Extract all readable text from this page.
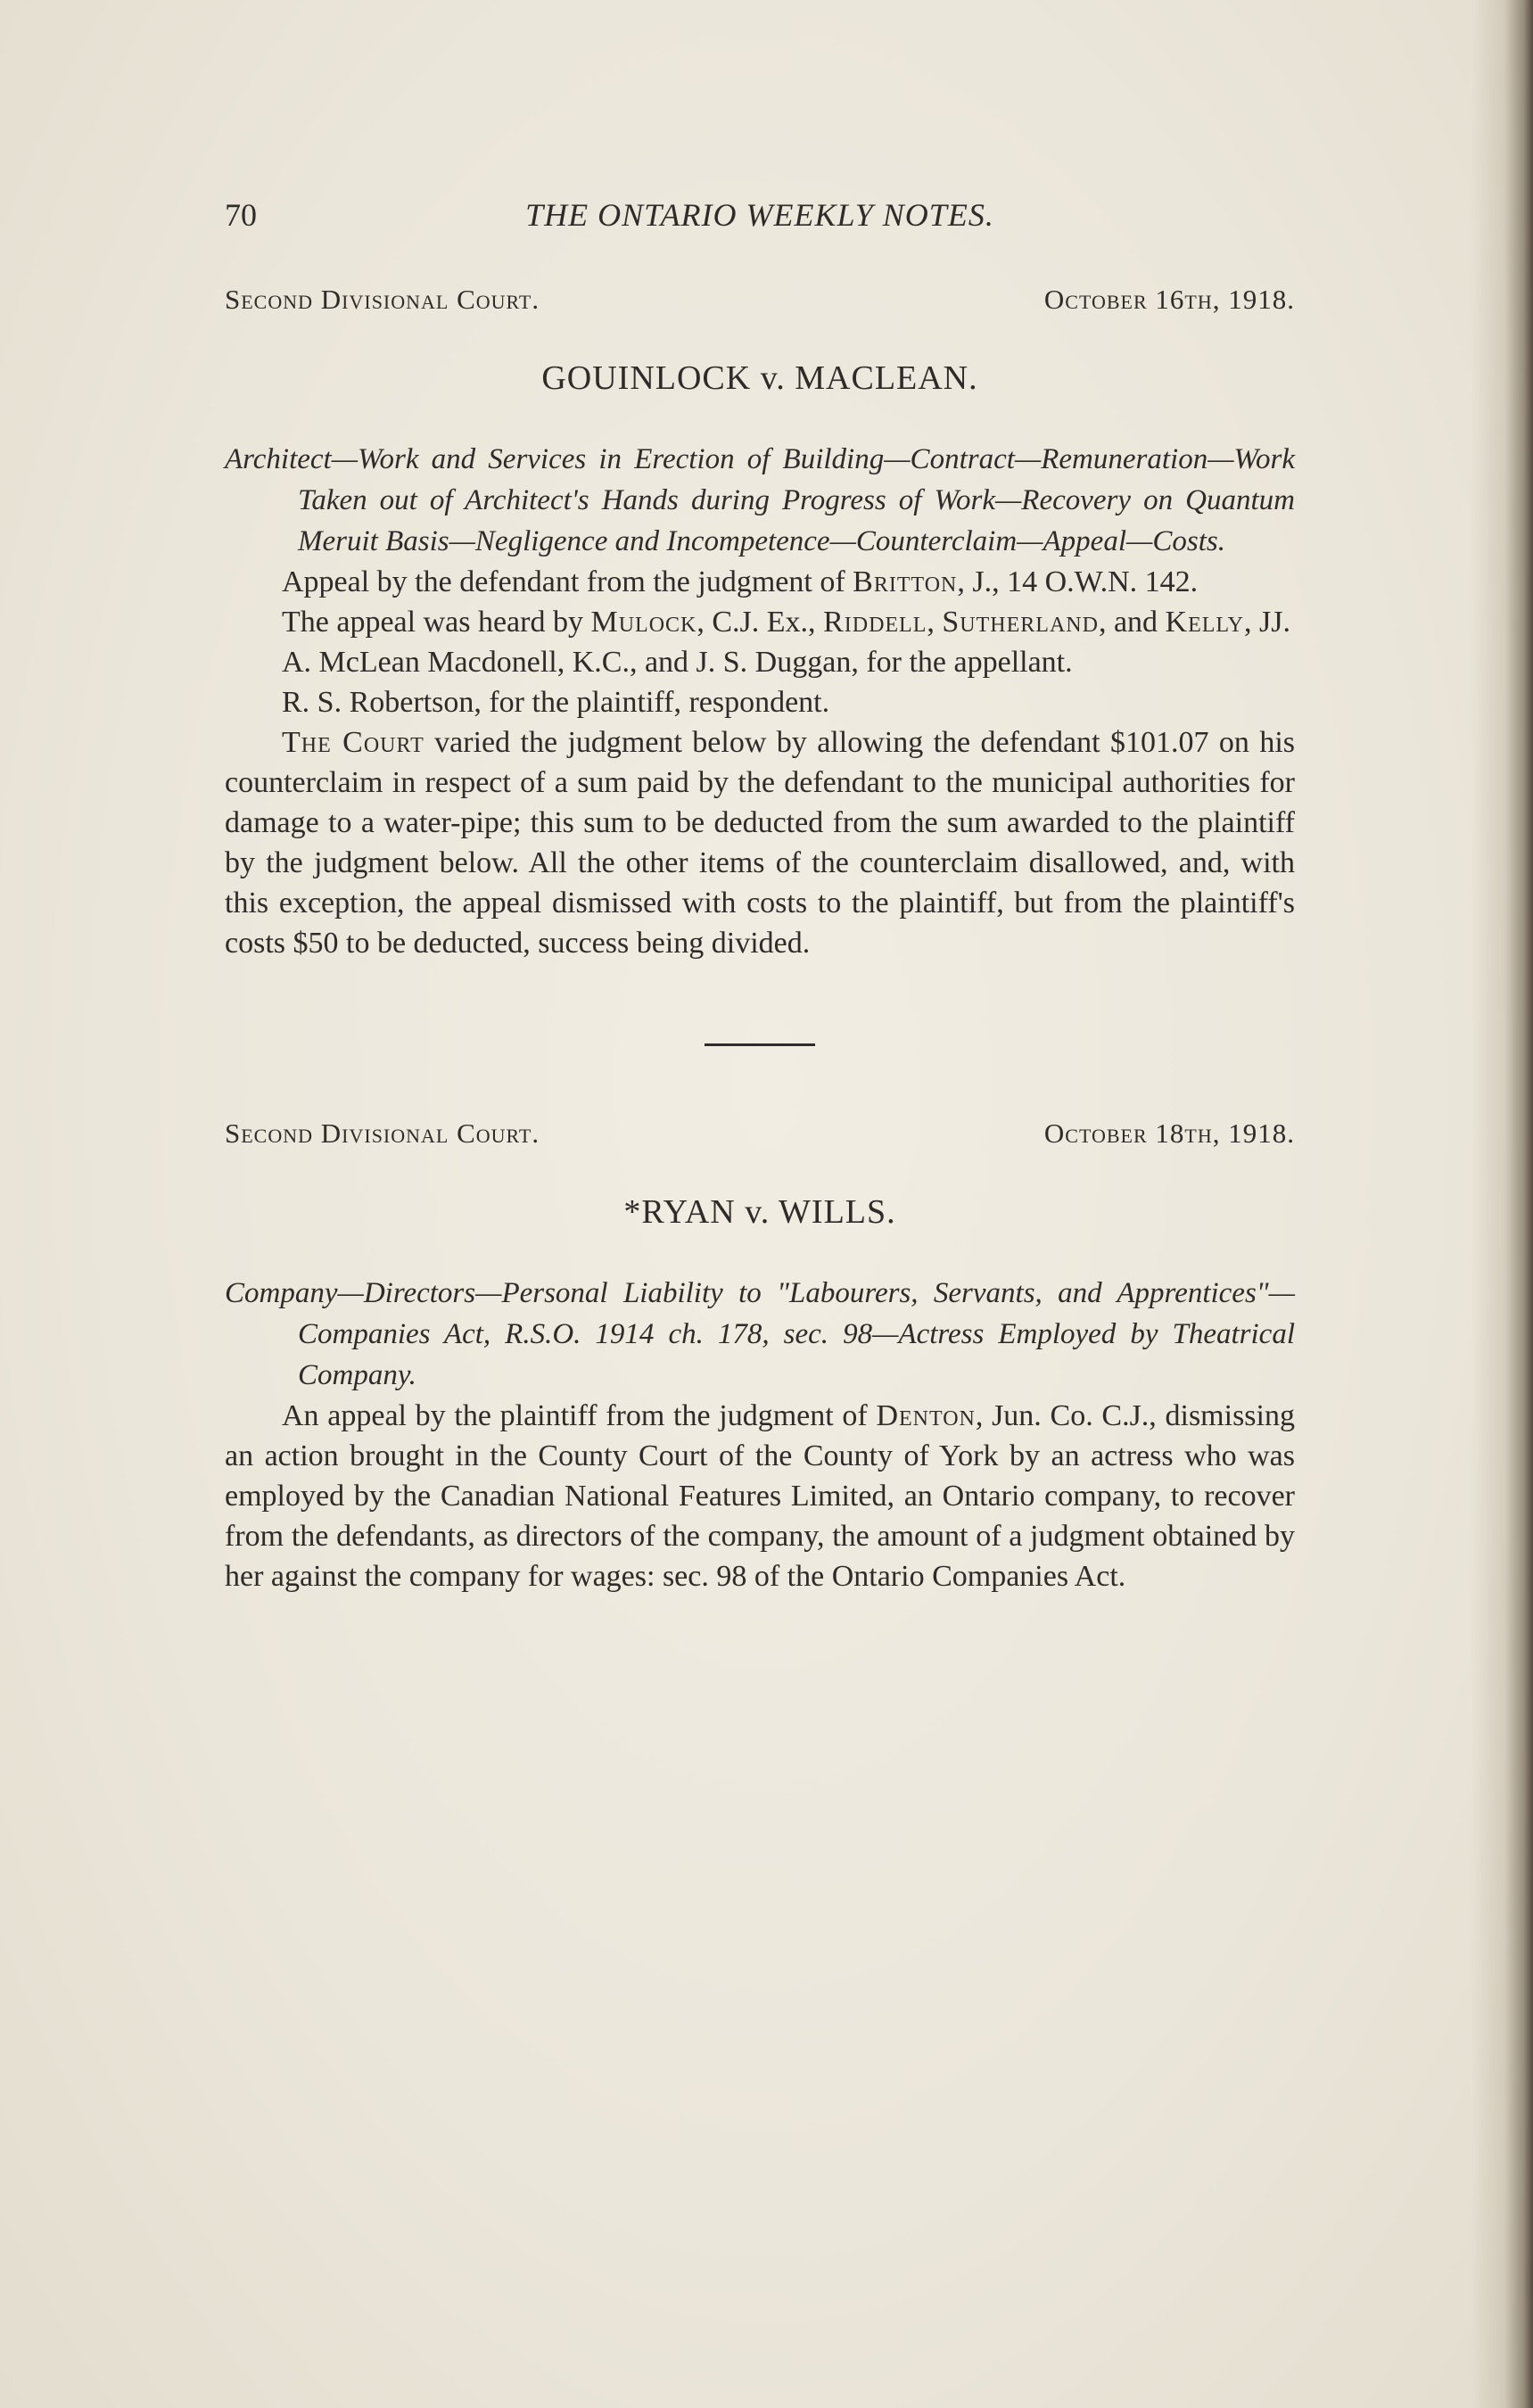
70	THE ONTARIO WEEKLY NOTES.
Second Divisional Court.	October 16th, 1918.
GOUINLOCK v. MACLEAN.
Architect—Work and Services in Erection of Building—Contract—Remuneration—Work Taken out of Architect's Hands during Progress of Work—Recovery on Quantum Meruit Basis—Negligence and Incompetence—Counterclaim—Appeal—Costs.

Appeal by the defendant from the judgment of Britton, J., 14 O.W.N. 142.

The appeal was heard by Mulock, C.J. Ex., Riddell, Sutherland, and Kelly, JJ.

A. McLean Macdonell, K.C., and J. S. Duggan, for the appellant.

R. S. Robertson, for the plaintiff, respondent.

The Court varied the judgment below by allowing the defendant $101.07 on his counterclaim in respect of a sum paid by the defendant to the municipal authorities for damage to a water-pipe; this sum to be deducted from the sum awarded to the plaintiff by the judgment below. All the other items of the counterclaim disallowed, and, with this exception, the appeal dismissed with costs to the plaintiff, but from the plaintiff's costs $50 to be deducted, success being divided.

Second Divisional Court.	October 18th, 1918.
*RYAN v. WILLS.
Company—Directors—Personal Liability to "Labourers, Servants, and Apprentices"—Companies Act, R.S.O. 1914 ch. 178, sec. 98—Actress Employed by Theatrical Company.

An appeal by the plaintiff from the judgment of Denton, Jun. Co. C.J., dismissing an action brought in the County Court of the County of York by an actress who was employed by the Canadian National Features Limited, an Ontario company, to recover from the defendants, as directors of the company, the amount of a judgment obtained by her against the company for wages: sec. 98 of the Ontario Companies Act.
